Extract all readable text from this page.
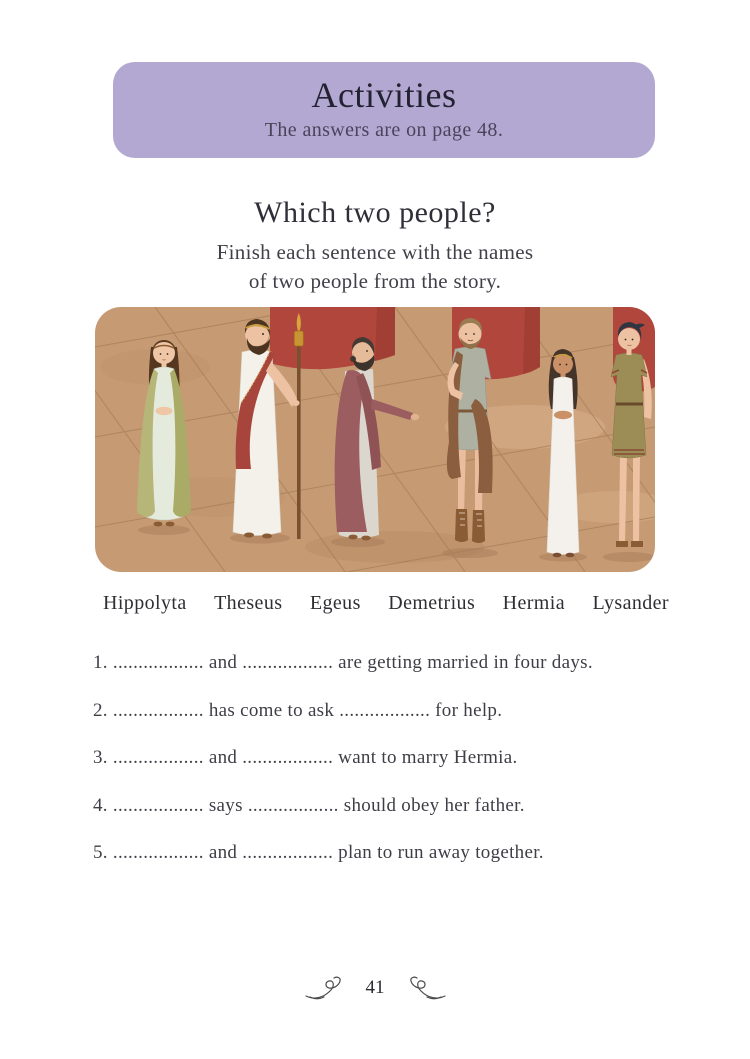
Activities
The answers are on page 48.
Which two people?
Finish each sentence with the names
of two people from the story.
Hippolyta Theseus Egeus Demetrius Hermia Lysander

1. .................. and .................. are getting married in four days.

2. .................. has come to ask .................. for help.

3. .................. and .................. want to marry Hermia.

4. .................. says .................. should obey her father.

5. .................. and .................. plan to run away together.

41
